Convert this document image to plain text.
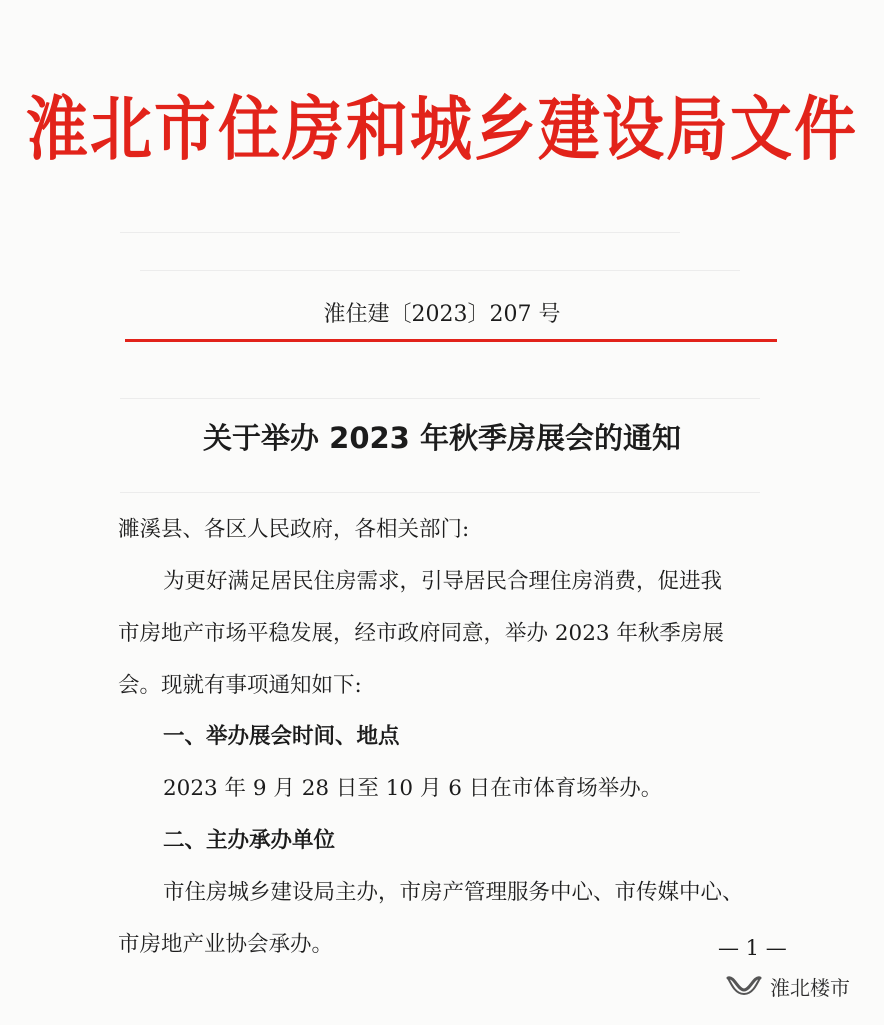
淮北市住房和城乡建设局文件
淮住建〔2023〕207 号
关于举办 2023 年秋季房展会的通知
濉溪县、各区人民政府，各相关部门:
为更好满足居民住房需求，引导居民合理住房消费，促进我
市房地产市场平稳发展，经市政府同意，举办 2023 年秋季房展
会。现就有事项通知如下:
一、举办展会时间、地点
2023 年 9 月 28 日至 10 月 6 日在市体育场举办。
二、主办承办单位
市住房城乡建设局主办，市房产管理服务中心、市传媒中心、
市房地产业协会承办。	— 1 —
淮北楼市
